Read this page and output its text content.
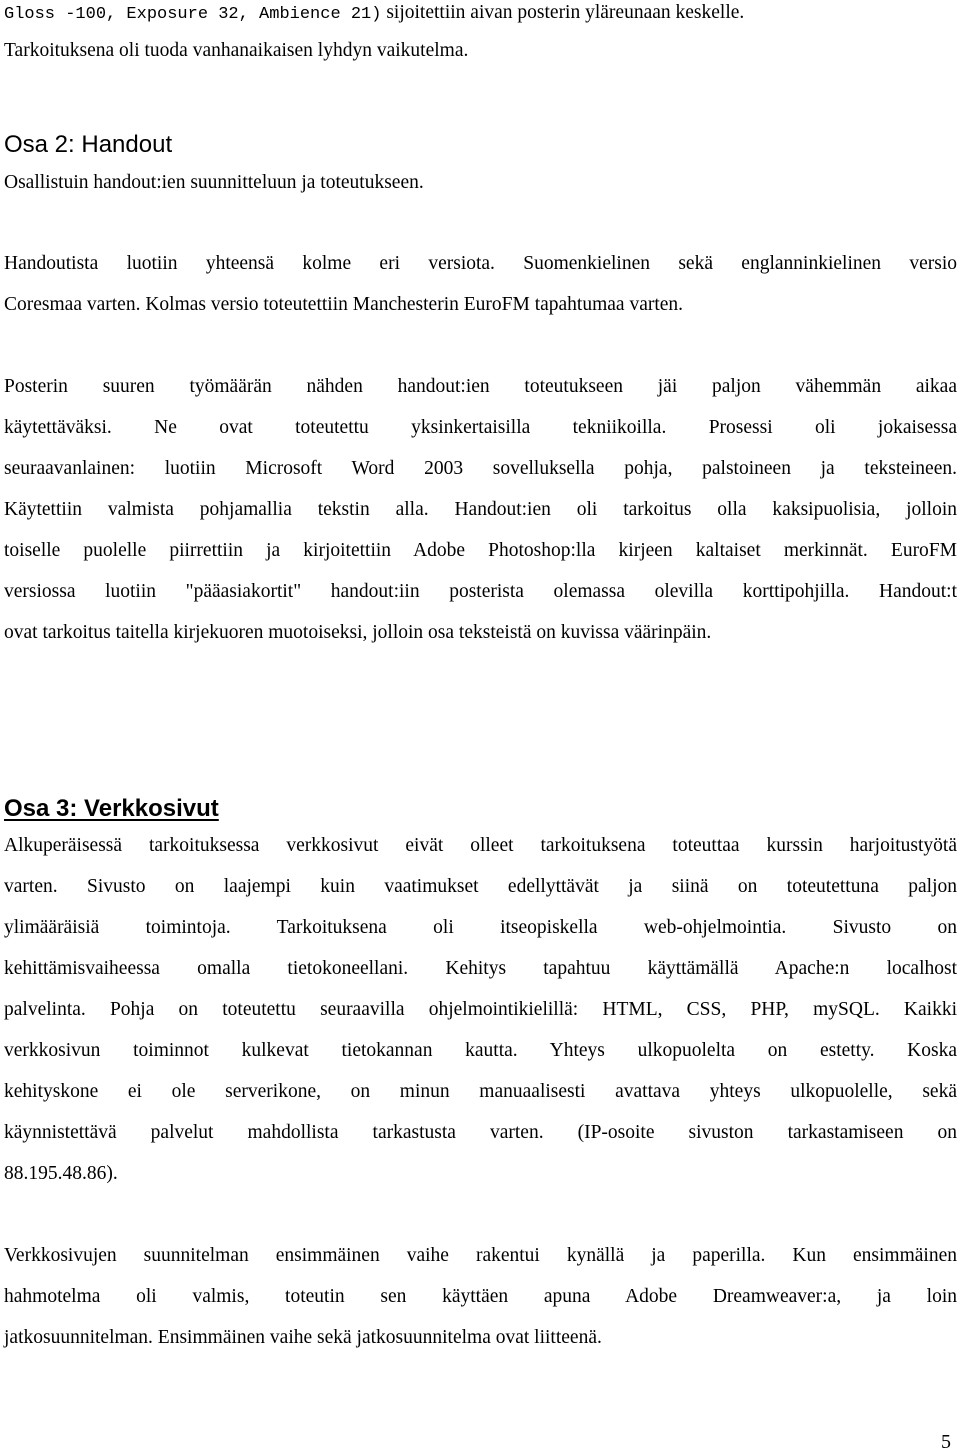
Gloss -100, Exposure 32, Ambience 21) sijoitettiin aivan posterin yläreunaan keskelle.
Tarkoituksena oli tuoda vanhanaikaisen lyhdyn vaikutelma.
Osa 2: Handout
Osallistuin handout:ien suunnitteluun ja toteutukseen.

Handoutista luotiin yhteensä kolme eri versiota. Suomenkielinen sekä englanninkielinen versio

Coresmaa varten. Kolmas versio toteutettiin Manchesterin EuroFM tapahtumaa varten.

Posterin suuren työmäärän nähden handout:ien toteutukseen jäi paljon vähemmän aikaa

käytettäväksi. Ne ovat toteutettu yksinkertaisilla tekniikoilla. Prosessi oli jokaisessa

seuraavanlainen: luotiin Microsoft Word 2003 sovelluksella pohja, palstoineen ja teksteineen.

Käytettiin valmista pohjamallia tekstin alla. Handout:ien oli tarkoitus olla kaksipuolisia, jolloin

toiselle puolelle piirrettiin ja kirjoitettiin Adobe Photoshop:lla kirjeen kaltaiset merkinnät. EuroFM

versiossa luotiin "pääasiakortit" handout:iin posterista olemassa olevilla korttipohjilla. Handout:t

ovat tarkoitus taitella kirjekuoren muotoiseksi, jolloin osa teksteistä on kuvissa väärinpäin.

Osa 3: Verkkosivut

Alkuperäisessä tarkoituksessa verkkosivut eivät olleet tarkoituksena toteuttaa kurssin harjoitustyötä

varten. Sivusto on laajempi kuin vaatimukset edellyttävät ja siinä on toteutettuna paljon

ylimääräisiä toimintoja. Tarkoituksena oli itseopiskella web-ohjelmointia. Sivusto on

kehittämisvaiheessa omalla tietokoneellani. Kehitys tapahtuu käyttämällä Apache:n localhost

palvelinta. Pohja on toteutettu seuraavilla ohjelmointikielillä: HTML, CSS, PHP, mySQL. Kaikki

verkkosivun toiminnot kulkevat tietokannan kautta. Yhteys ulkopuolelta on estetty. Koska

kehityskone ei ole serverikone, on minun manuaalisesti avattava yhteys ulkopuolelle, sekä

käynnistettävä palvelut mahdollista tarkastusta varten. (IP-osoite sivuston tarkastamiseen on

88.195.48.86).

Verkkosivujen suunnitelman ensimmäinen vaihe rakentui kynällä ja paperilla. Kun ensimmäinen

hahmotelma oli valmis, toteutin sen käyttäen apuna Adobe Dreamweaver:a, ja loin

jatkosuunnitelman. Ensimmäinen vaihe sekä jatkosuunnitelma ovat liitteenä.

5
